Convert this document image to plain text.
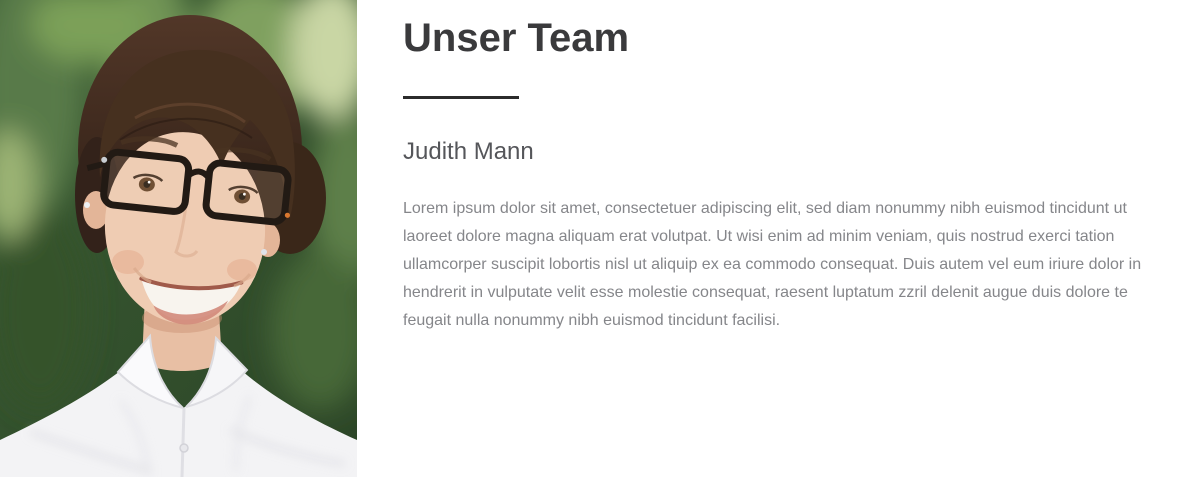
Unser Team
Judith Mann

Lorem ipsum dolor sit amet, consectetuer adipiscing elit, sed diam nonummy nibh euismod tincidunt ut laoreet dolore magna aliquam erat volutpat. Ut wisi enim ad minim veniam, quis nostrud exerci tation ullamcorper suscipit lobortis nisl ut aliquip ex ea commodo consequat. Duis autem vel eum iriure dolor in hendrerit in vulputate velit esse molestie consequat, raesent luptatum zzril delenit augue duis dolore te feugait nulla nonummy nibh euismod tincidunt facilisi.
